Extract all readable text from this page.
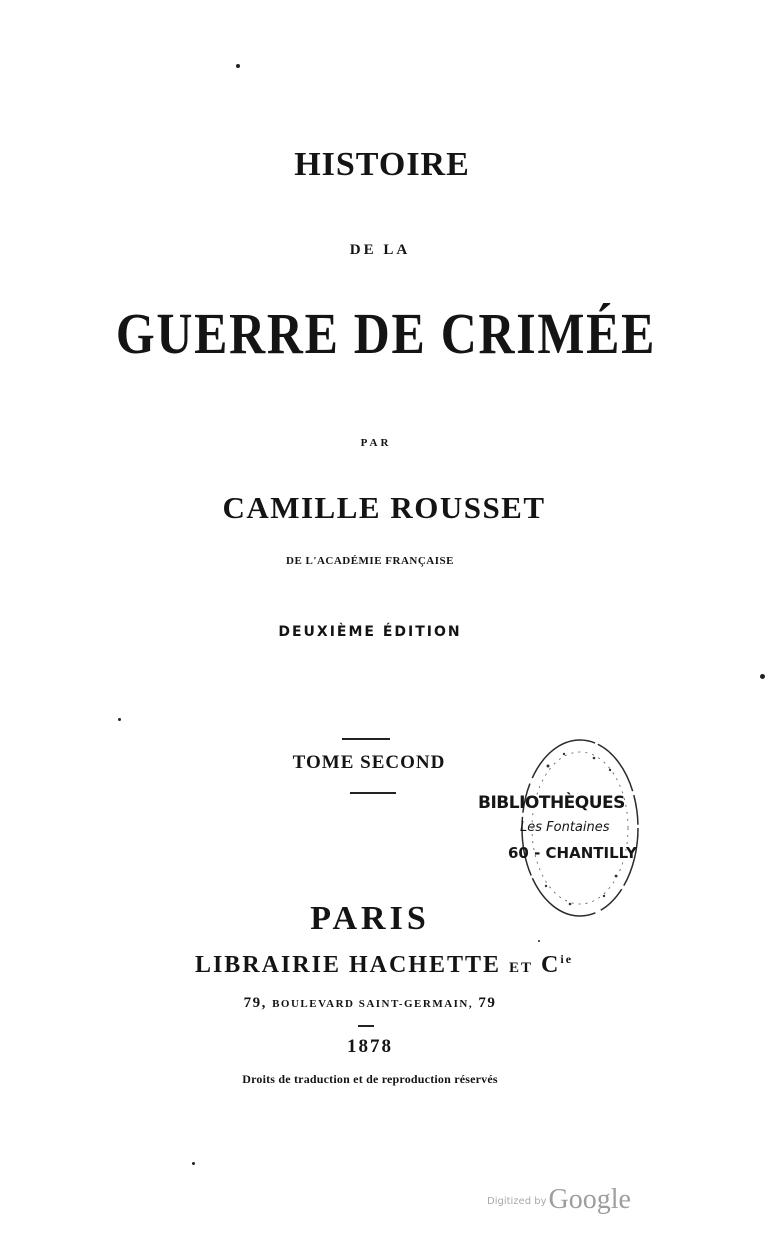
HISTOIRE
DE LA
GUERRE DE CRIMÉE
PAR
CAMILLE ROUSSET
DE L'ACADÉMIE FRANÇAISE
DEUXIÈME ÉDITION
TOME SECOND
PARIS
LIBRAIRIE HACHETTE ET $C^{ie}$
79, BOULEVARD SAINT-GERMAIN, 79
1878
Droits de traduction et de reproduction réservés
BIBLIOTHÈQUES
Les Fontaines
60 - CHANTILLY
$^{Digitized by}$Google
